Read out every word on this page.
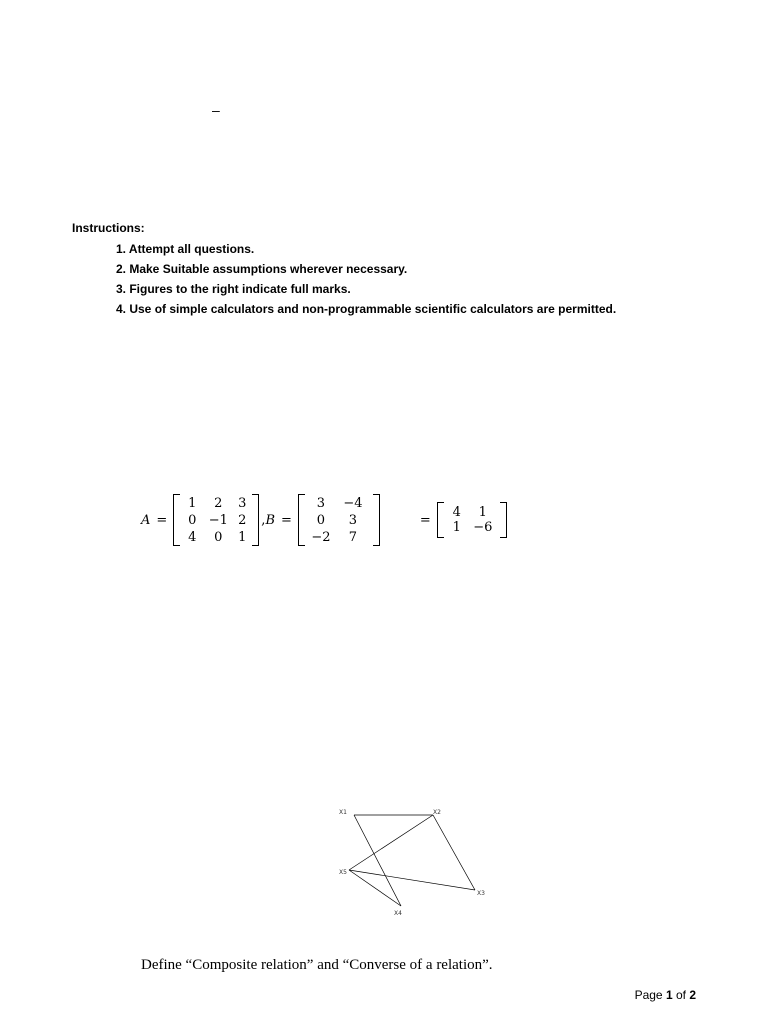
–
Instructions:
1. Attempt all questions.
2. Make Suitable assumptions wherever necessary.
3. Figures to the right indicate full marks.
4. Use of simple calculators and non-programmable scientific calculators are permitted.
A =
1	2	3
0 −1 2
4	0	1
, B =
3	−4
0	3
−2	7
=	4	1
1 −6
X1	X2
X3
X4
X5
Define “Composite relation” and “Converse of a relation”.
Page 1 of 2
